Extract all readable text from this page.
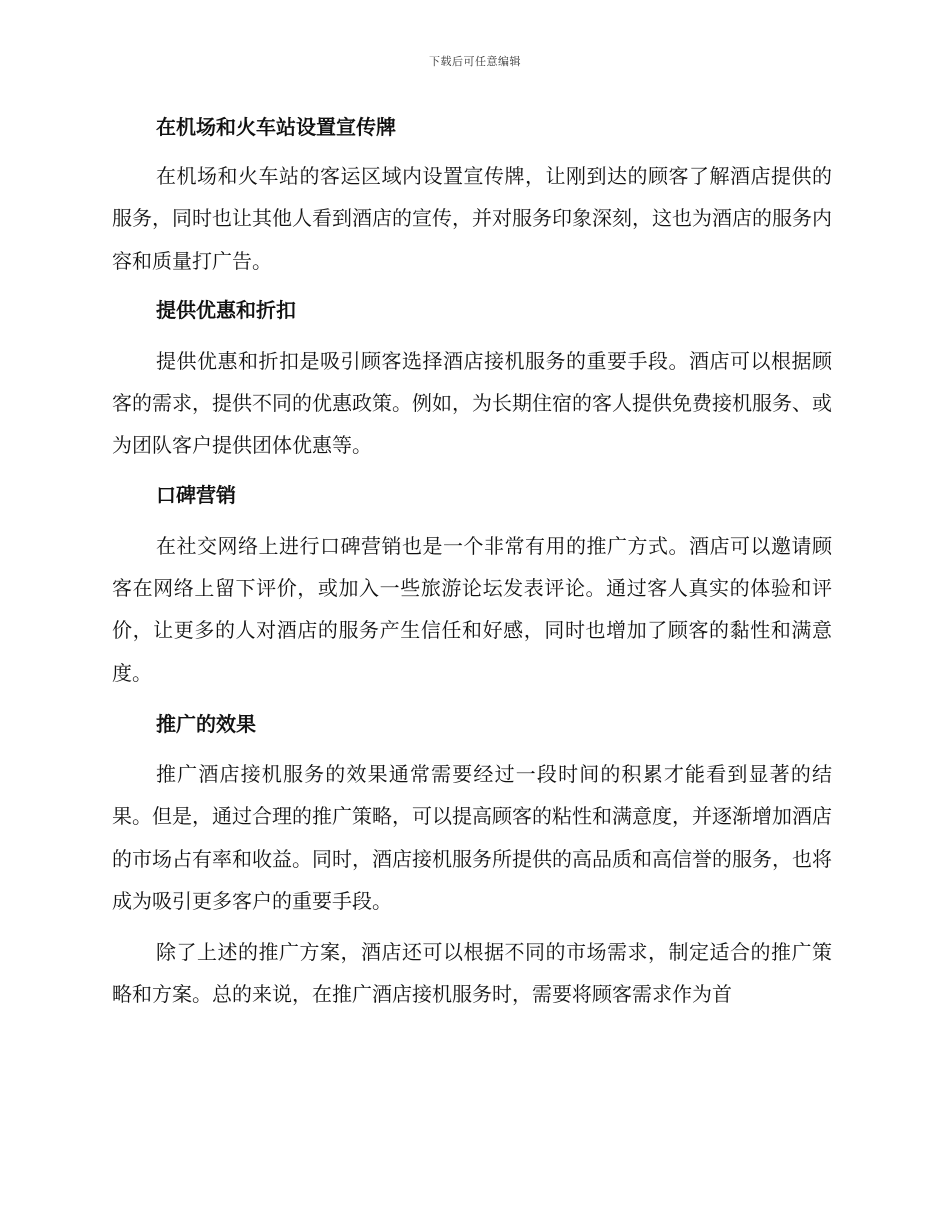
下载后可任意编辑
在机场和火车站设置宣传牌

在机场和火车站的客运区域内设置宣传牌，让刚到达的顾客了解酒店提供的服务，同时也让其他人看到酒店的宣传，并对服务印象深刻，这也为酒店的服务内容和质量打广告。

提供优惠和折扣

提供优惠和折扣是吸引顾客选择酒店接机服务的重要手段。酒店可以根据顾客的需求，提供不同的优惠政策。例如，为长期住宿的客人提供免费接机服务、或为团队客户提供团体优惠等。

口碑营销

在社交网络上进行口碑营销也是一个非常有用的推广方式。酒店可以邀请顾客在网络上留下评价，或加入一些旅游论坛发表评论。通过客人真实的体验和评价，让更多的人对酒店的服务产生信任和好感，同时也增加了顾客的黏性和满意度。

推广的效果

推广酒店接机服务的效果通常需要经过一段时间的积累才能看到显著的结果。但是，通过合理的推广策略，可以提高顾客的粘性和满意度，并逐渐增加酒店的市场占有率和收益。同时，酒店接机服务所提供的高品质和高信誉的服务，也将成为吸引更多客户的重要手段。

除了上述的推广方案，酒店还可以根据不同的市场需求，制定适合的推广策略和方案。总的来说，在推广酒店接机服务时，需要将顾客需求作为首
